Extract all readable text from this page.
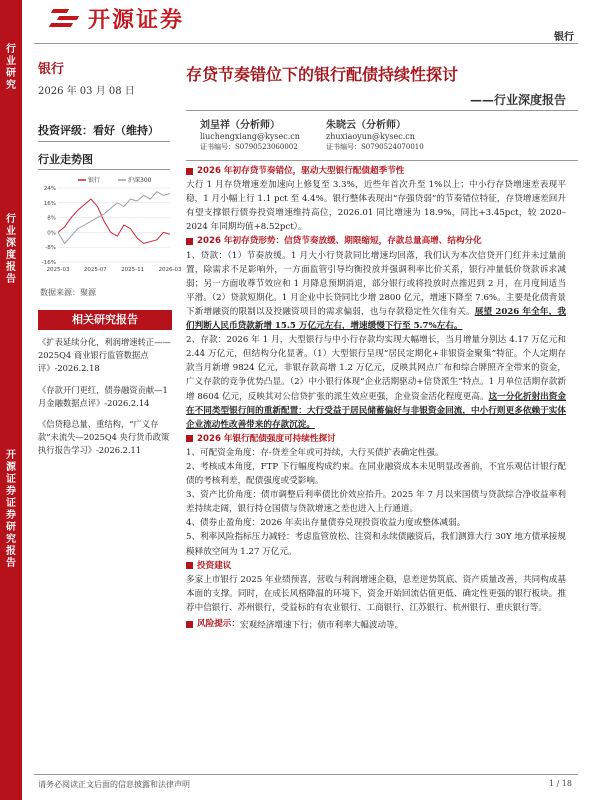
行业研究
行业深度报告
开源证券 证券研究报告
开源证券
银行
银行
2026 年 03 月 08 日
存贷节奏错位下的银行配债持续性探讨
——行业深度报告
投资评级：看好（维持）
行业走势图
24%
16%
8%
0%
-8%
-16%
2025-03	2025-07	2025-11	2026-03
银行	沪深300
数据来源：聚源
相关研究报告
《扩表延续分化，利润增速转正——2025Q4 商业银行监管数据点评》-2026.2.18
《存款开门更红，债券融资贡献—1月金融数据点评》-2026.2.14
《信贷稳总量、重结构，“广义存款”未流失—2025Q4 央行货币政策执行报告学习》-2026.2.11
刘呈祥（分析师）
liuchengxiang@kysec.cn
证书编号：S0790523060002
朱晓云（分析师）
zhuxiaoyun@kysec.cn
证书编号：S0790524070010
2026 年初存贷节奏错位，驱动大型银行配债超季节性
大行 1 月存贷增速差加速向上修复至 3.3%，近些年首次升至 1%以上；中小行存贷增速差表现平稳，1 月小幅上行 1.1 pct 至 4.4%。银行整体表现出“存强贷弱”的节奏错位特征，存贷增速差回升有望支撑银行债券投资增速维持高位，2026.01 同比增速为 18.9%，同比+3.45pct，较 2020–2024 年同期均值+8.52pct）。
2026 年初存贷形势：信贷节奏放缓、期限缩短，存款总量高增、结构分化
1、贷款：（1）节奏放缓。1 月大小行贷款同比增速均回落，我们认为本次信贷开门红并未过量前置，除需求不足影响外，一方面监管引导均衡投放并强调利率比价关系，银行冲量低价贷款诉求减弱；另一方面收尊节效应和 1 月降息预期消退，部分银行或将投放时点推迟到 2 月，在月度间适当平滑。（2）贷款短期化。1 月企业中长贷同比少增 2800 亿元，增速下降至 7.6%。主要是化债背景下新增融资的限制以及投融资项目的需求偏弱，也与存款稳定性欠佳有关。展望 2026 年全年，我们判断人民币贷款新增 15.5 万亿元左右，增速缓慢下行至 5.7%左右。
2、存款：2026 年 1 月，大型银行与中小行存款均实现大幅增长，当月增量分别达 4.17 万亿元和 2.44 万亿元，但结构分化显著。（1）大型银行呈现“居民定期化+非银资金聚集”特征。个人定期存款当月新增 9824 亿元，非银存款高增 1.2 万亿元，反映其网点广布和综合牌照齐全带来的资金，广义存款的竞争优势凸显。（2）中小银行体现“企业活期驱动+信贷派生”特点。1 月单位活期存款新增 8604 亿元，反映其对公信贷扩张的派生效应更强，企业资金活化程度更高。这一分化折射出资金在不同类型银行间的重新配置：大行受益于居民储蓄偏好与非银资金回流，中小行则更多依赖于实体企业流动性改善带来的存款沉淀。
2026 年银行配债强度可持续性探讨
1、可配资金角度：存-贷差全年或可持续，大行买债扩表确定性强。
2、考核成本角度，FTP 下行幅度构成约束。在同业融资成本未见明显改善前，不宜乐观估计银行配债的考核利差，配债强度或受影响。
3、资产比价角度：债市调整后利率债比价效应抬升。2025 年 7 月以来国债与贷款综合净收益率利差持续走阔，银行持仓国债与贷款增速之差也进入上行通道。
4、债券止盈角度：2026 年卖出存量债券兑现投资收益力度或整体减弱。
5、利率风险指标压力减轻：考虑监管放松、注资和永续债融资后，我们测算大行 30Y 地方债承接规模释放空间为 1.27 万亿元。
投资建议
多家上市银行 2025 年业绩预喜，营收与利润增速企稳，息差逆势筑底、资产质量改善，共同构成基本面的支撑。同时，在成长风格降温的环境下，资金开始回流估值更低、确定性更强的银行板块。推荐中信银行、苏州银行，受益标的有农业银行、工商银行、江苏银行、杭州银行、重庆银行等。
风险提示： 宏观经济增速下行；债市利率大幅波动等。
请务必阅读正文后面的信息披露和法律声明	1 / 18
